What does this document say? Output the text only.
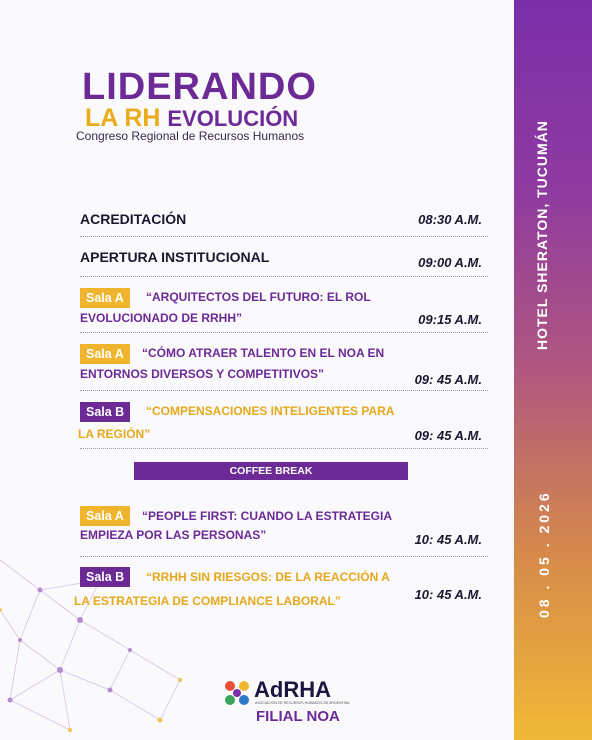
LIDERANDO
LA RH EVOLUCIÓN
Congreso Regional de Recursos Humanos	HOTEL SHERATON, TUCUMÁN
08 . 05 . 2026
ACREDITACIÓN	08:30 A.M.
APERTURA INSTITUCIONAL	09:00 A.M.
Sala A	“ARQUITECTOS DEL FUTURO: EL ROL
EVOLUCIONADO DE RRHH”	09:15 A.M.
Sala A	“CÓMO ATRAER TALENTO EN EL NOA EN
ENTORNOS DIVERSOS Y COMPETITIVOS”	09: 45 A.M.
Sala B	“COMPENSACIONES INTELIGENTES PARA
LA REGIÓN”	09: 45 A.M.
COFFEE BREAK
Sala A	“PEOPLE FIRST: CUANDO LA ESTRATEGIA
EMPIEZA POR LAS PERSONAS”	10: 45 A.M.
Sala B	“RRHH SIN RIESGOS: DE LA REACCIÓN A
LA ESTRATEGIA DE COMPLIANCE LABORAL”	10: 45 A.M.
AdRHA
ASOCIACIÓN DE RECURSOS HUMANOS DE ARGENTINA
FILIAL NOA
